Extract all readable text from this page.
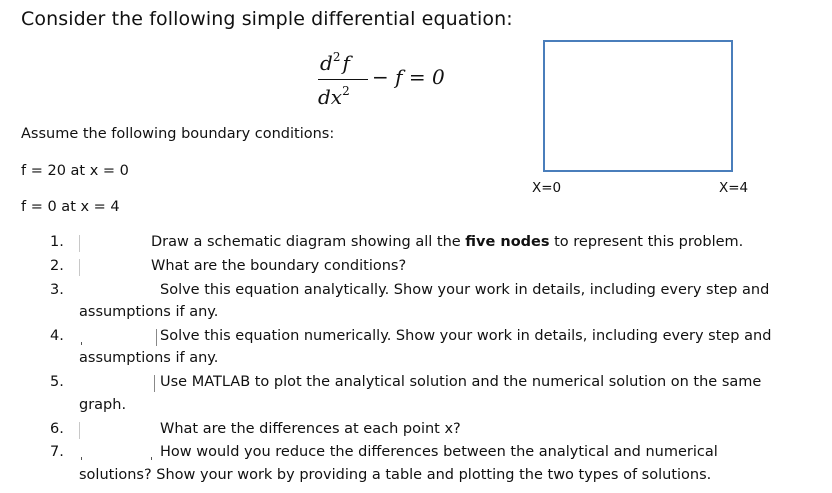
Consider the following simple differential equation:
$d^2$  f
$dx^2$
− f = 0
Assume the following boundary conditions:
f = 20 at x = 0
f = 0 at x = 4
X=0	X=4
1.	Draw a schematic diagram showing all the five nodes to represent this problem.
2.	What are the boundary conditions?
3.	Solve this equation analytically. Show your work in details, including every step and
assumptions if any.
4.	Solve this equation numerically. Show your work in details, including every step and
assumptions if any.
5.	Use MATLAB to plot the analytical solution and the numerical solution on the same
graph.
6.	What are the differences at each point x?
7.	How would you reduce the differences between the analytical and numerical
solutions? Show your work by providing a table and plotting the two types of solutions.
